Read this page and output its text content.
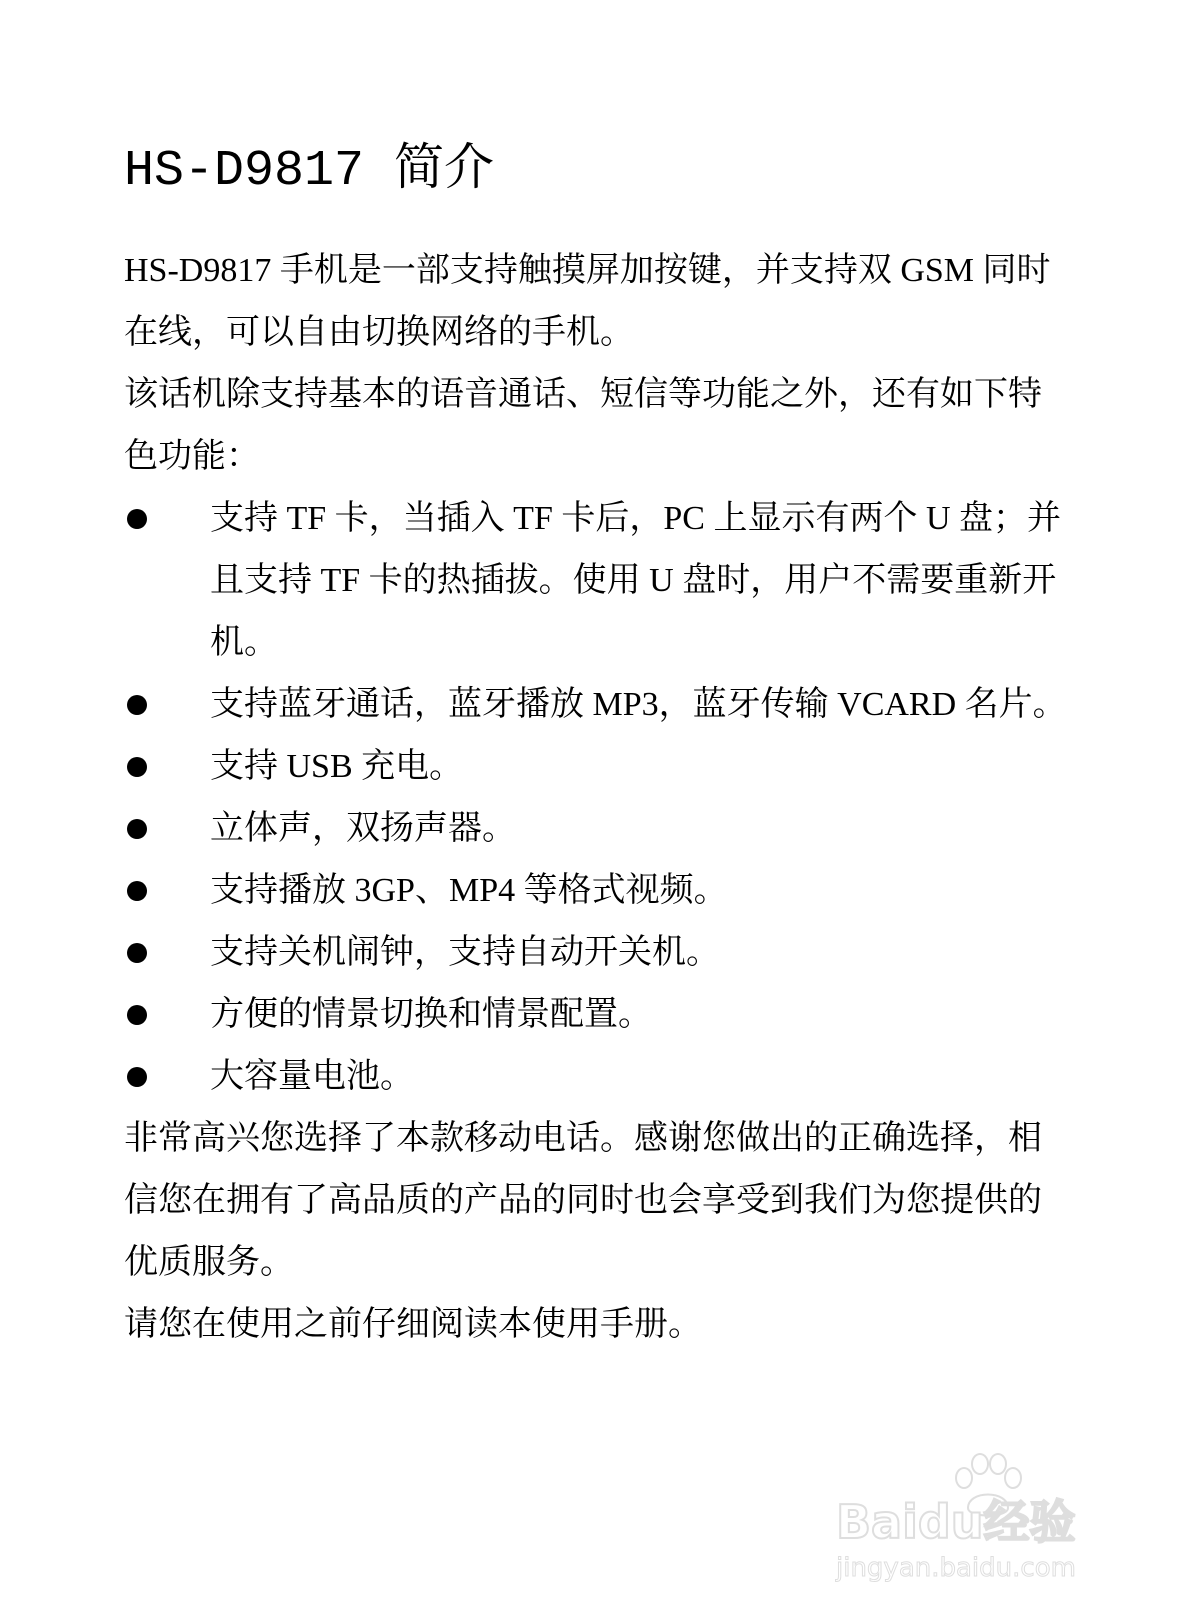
HS-D9817 简介

HS-D9817 手机是一部支持触摸屏加按键，并支持双 GSM 同时在线，可以自由切换网络的手机。

该话机除支持基本的语音通话、短信等功能之外，还有如下特色功能：

支持 TF 卡，当插入 TF 卡后，PC 上显示有两个 U 盘；并且支持 TF 卡的热插拔。使用 U 盘时，用户不需要重新开机。
支持蓝牙通话，蓝牙播放 MP3，蓝牙传输 VCARD 名片。
支持 USB 充电。
立体声，双扬声器。
支持播放 3GP、MP4 等格式视频。
支持关机闹钟，支持自动开关机。
方便的情景切换和情景配置。
大容量电池。

非常高兴您选择了本款移动电话。感谢您做出的正确选择，相信您在拥有了高品质的产品的同时也会享受到我们为您提供的优质服务。

请您在使用之前仔细阅读本使用手册。

Baidu经验
jingyan.baidu.com
